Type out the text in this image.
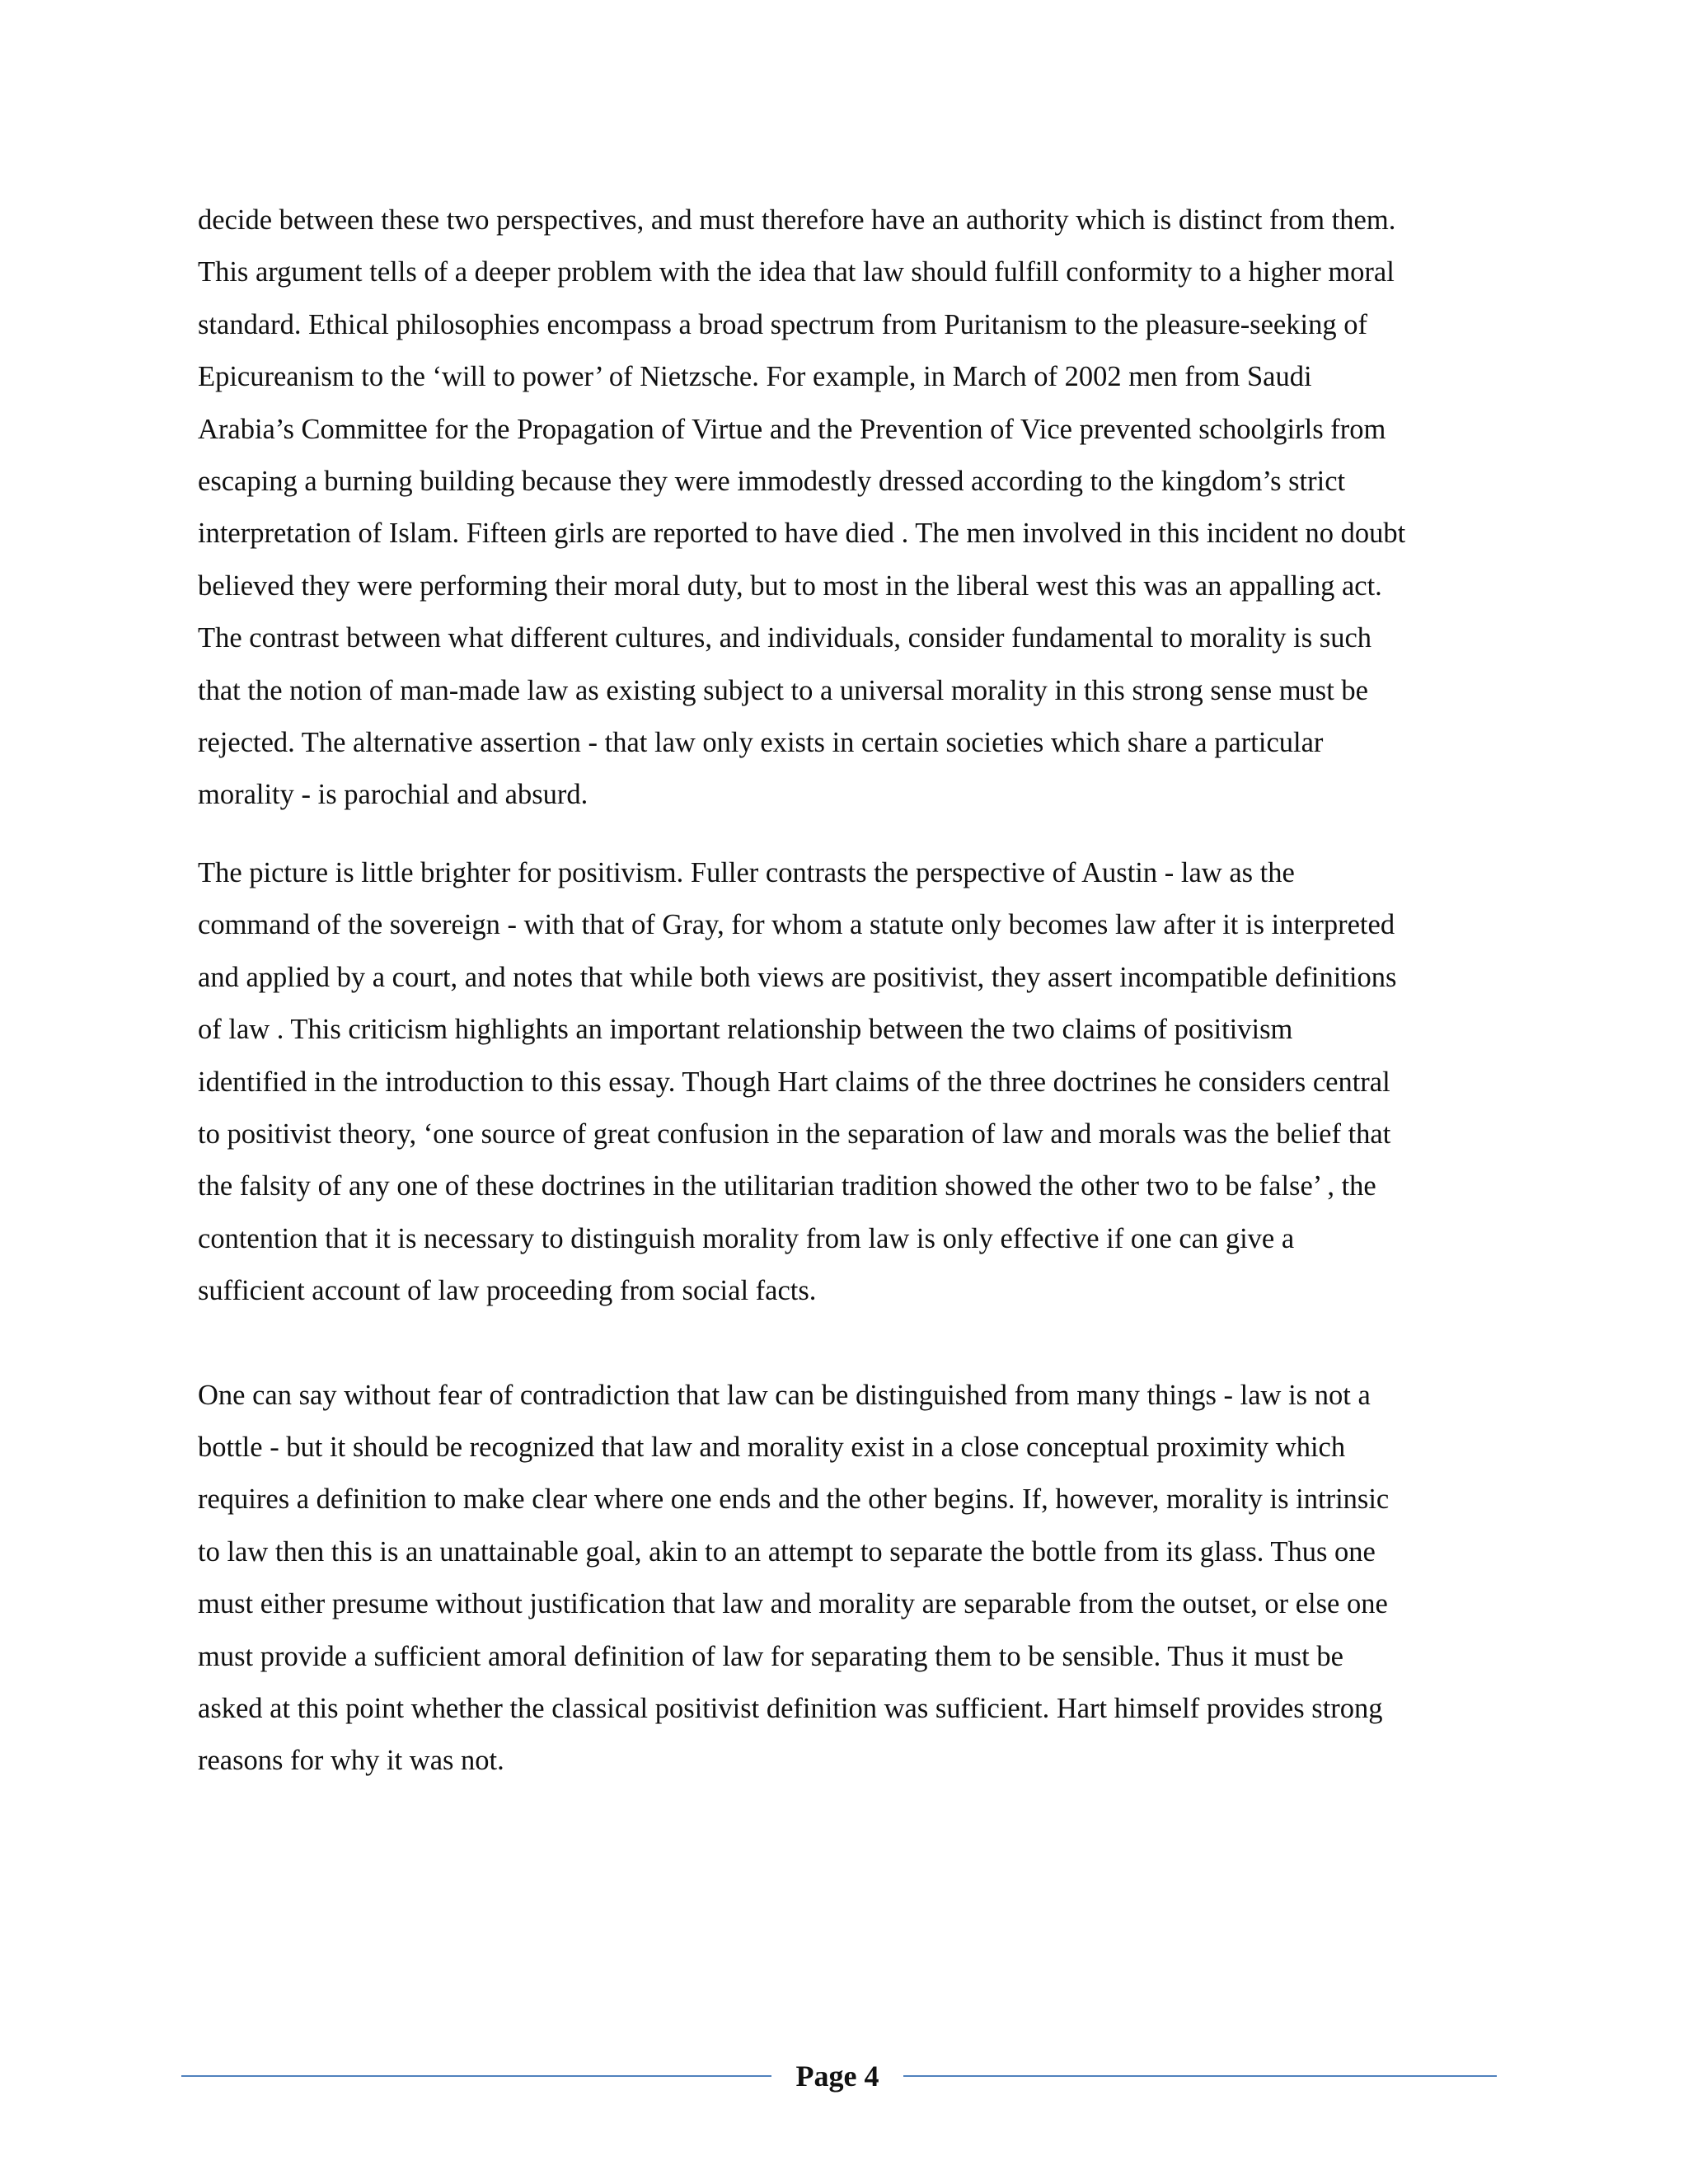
decide between these two perspectives, and must therefore have an authority which is distinct from them.
This argument tells of a deeper problem with the idea that law should fulfill conformity to a higher moral
standard. Ethical philosophies encompass a broad spectrum from Puritanism to the pleasure-seeking of
Epicureanism to the ‘will to power’ of Nietzsche. For example, in March of 2002 men from Saudi
Arabia’s Committee for the Propagation of Virtue and the Prevention of Vice prevented schoolgirls from
escaping a burning building because they were immodestly dressed according to the kingdom’s strict
interpretation of Islam. Fifteen girls are reported to have died . The men involved in this incident no doubt
believed they were performing their moral duty, but to most in the liberal west this was an appalling act.
The contrast between what different cultures, and individuals, consider fundamental to morality is such
that the notion of man-made law as existing subject to a universal morality in this strong sense must be
rejected. The alternative assertion - that law only exists in certain societies which share a particular
morality - is parochial and absurd.

The picture is little brighter for positivism. Fuller contrasts the perspective of Austin - law as the
command of the sovereign - with that of Gray, for whom a statute only becomes law after it is interpreted
and applied by a court, and notes that while both views are positivist, they assert incompatible definitions
of law . This criticism highlights an important relationship between the two claims of positivism
identified in the introduction to this essay. Though Hart claims of the three doctrines he considers central
to positivist theory, ‘one source of great confusion in the separation of law and morals was the belief that
the falsity of any one of these doctrines in the utilitarian tradition showed the other two to be false’ , the
contention that it is necessary to distinguish morality from law is only effective if one can give a
sufficient account of law proceeding from social facts.

One can say without fear of contradiction that law can be distinguished from many things - law is not a
bottle - but it should be recognized that law and morality exist in a close conceptual proximity which
requires a definition to make clear where one ends and the other begins. If, however, morality is intrinsic
to law then this is an unattainable goal, akin to an attempt to separate the bottle from its glass. Thus one
must either presume without justification that law and morality are separable from the outset, or else one
must provide a sufficient amoral definition of law for separating them to be sensible. Thus it must be
asked at this point whether the classical positivist definition was sufficient. Hart himself provides strong
reasons for why it was not.

Page 4
